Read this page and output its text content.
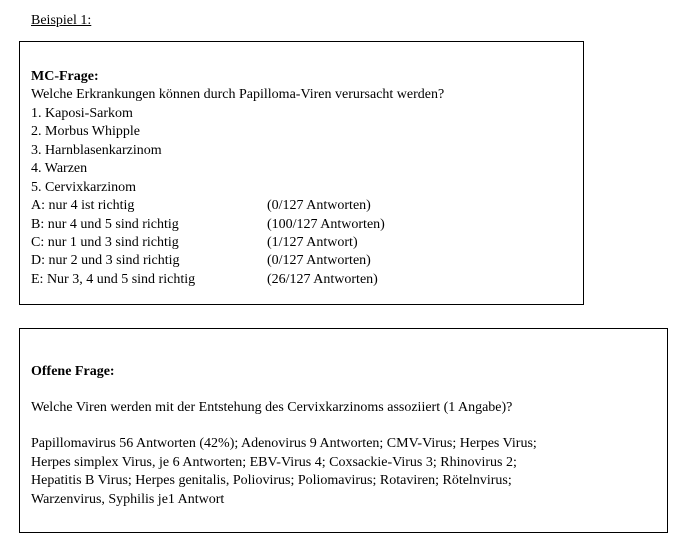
Beispiel 1:
MC-Frage:
Welche Erkrankungen können durch Papilloma-Viren verursacht werden?
1. Kaposi-Sarkom
2. Morbus Whipple
3. Harnblasenkarzinom
4. Warzen
5. Cervixkarzinom
A: nur 4 ist richtig	(0/127 Antworten)
B: nur 4 und 5 sind richtig	(100/127 Antworten)
C: nur 1 und 3 sind richtig	(1/127 Antwort)
D: nur 2 und 3 sind richtig	(0/127 Antworten)
E: Nur 3, 4 und 5 sind richtig	(26/127 Antworten)
Offene Frage:
Welche Viren werden mit der Entstehung des Cervixkarzinoms assoziiert (1 Angabe)?
Papillomavirus 56 Antworten (42%); Adenovirus 9 Antworten; CMV-Virus; Herpes Virus;
Herpes simplex Virus, je 6 Antworten; EBV-Virus 4; Coxsackie-Virus 3; Rhinovirus 2;
Hepatitis B Virus; Herpes genitalis, Poliovirus; Poliomavirus; Rotaviren; Rötelnvirus;
Warzenvirus, Syphilis je1 Antwort
